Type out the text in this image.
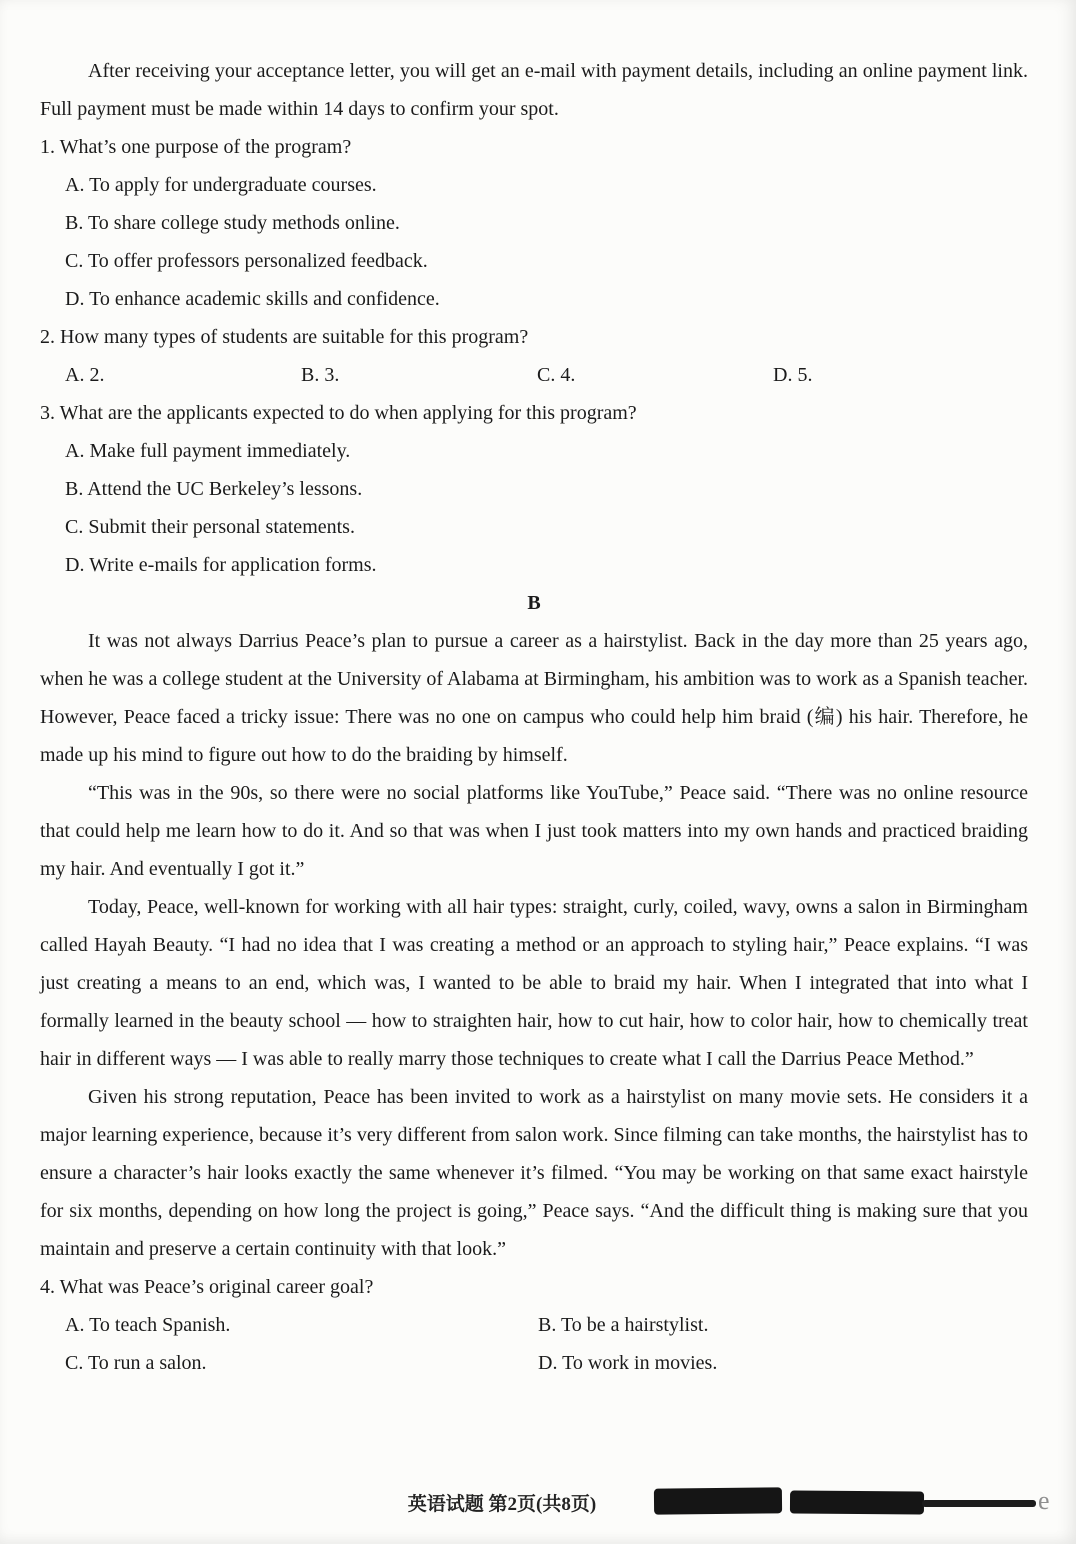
After receiving your acceptance letter, you will get an e-mail with payment details, including an online payment link. Full payment must be made within 14 days to confirm your spot.

1. What’s one purpose of the program?

A. To apply for undergraduate courses.

B. To share college study methods online.

C. To offer professors personalized feedback.

D. To enhance academic skills and confidence.

2. How many types of students are suitable for this program?

A. 2.	B. 3.	C. 4.	D. 5.

3. What are the applicants expected to do when applying for this program?

A. Make full payment immediately.

B. Attend the UC Berkeley’s lessons.

C. Submit their personal statements.

D. Write e-mails for application forms.

B

It was not always Darrius Peace’s plan to pursue a career as a hairstylist. Back in the day more than 25 years ago, when he was a college student at the University of Alabama at Birmingham, his ambition was to work as a Spanish teacher. However, Peace faced a tricky issue: There was no one on campus who could help him braid (编) his hair. Therefore, he made up his mind to figure out how to do the braiding by himself.

“This was in the 90s, so there were no social platforms like YouTube,” Peace said. “There was no online resource that could help me learn how to do it. And so that was when I just took matters into my own hands and practiced braiding my hair. And eventually I got it.”

Today, Peace, well-known for working with all hair types: straight, curly, coiled, wavy, owns a salon in Birmingham called Hayah Beauty. “I had no idea that I was creating a method or an approach to styling hair,” Peace explains. “I was just creating a means to an end, which was, I wanted to be able to braid my hair. When I integrated that into what I formally learned in the beauty school — how to straighten hair, how to cut hair, how to color hair, how to chemically treat hair in different ways — I was able to really marry those techniques to create what I call the Darrius Peace Method.”

Given his strong reputation, Peace has been invited to work as a hairstylist on many movie sets. He considers it a major learning experience, because it’s very different from salon work. Since filming can take months, the hairstylist has to ensure a character’s hair looks exactly the same whenever it’s filmed. “You may be working on that same exact hairstyle for six months, depending on how long the project is going,” Peace says. “And the difficult thing is making sure that you maintain and preserve a certain continuity with that look.”

4. What was Peace’s original career goal?

A. To teach Spanish.	B. To be a hairstylist.
C. To run a salon.	D. To work in movies.
英语试题 第2页(共8页)	e
